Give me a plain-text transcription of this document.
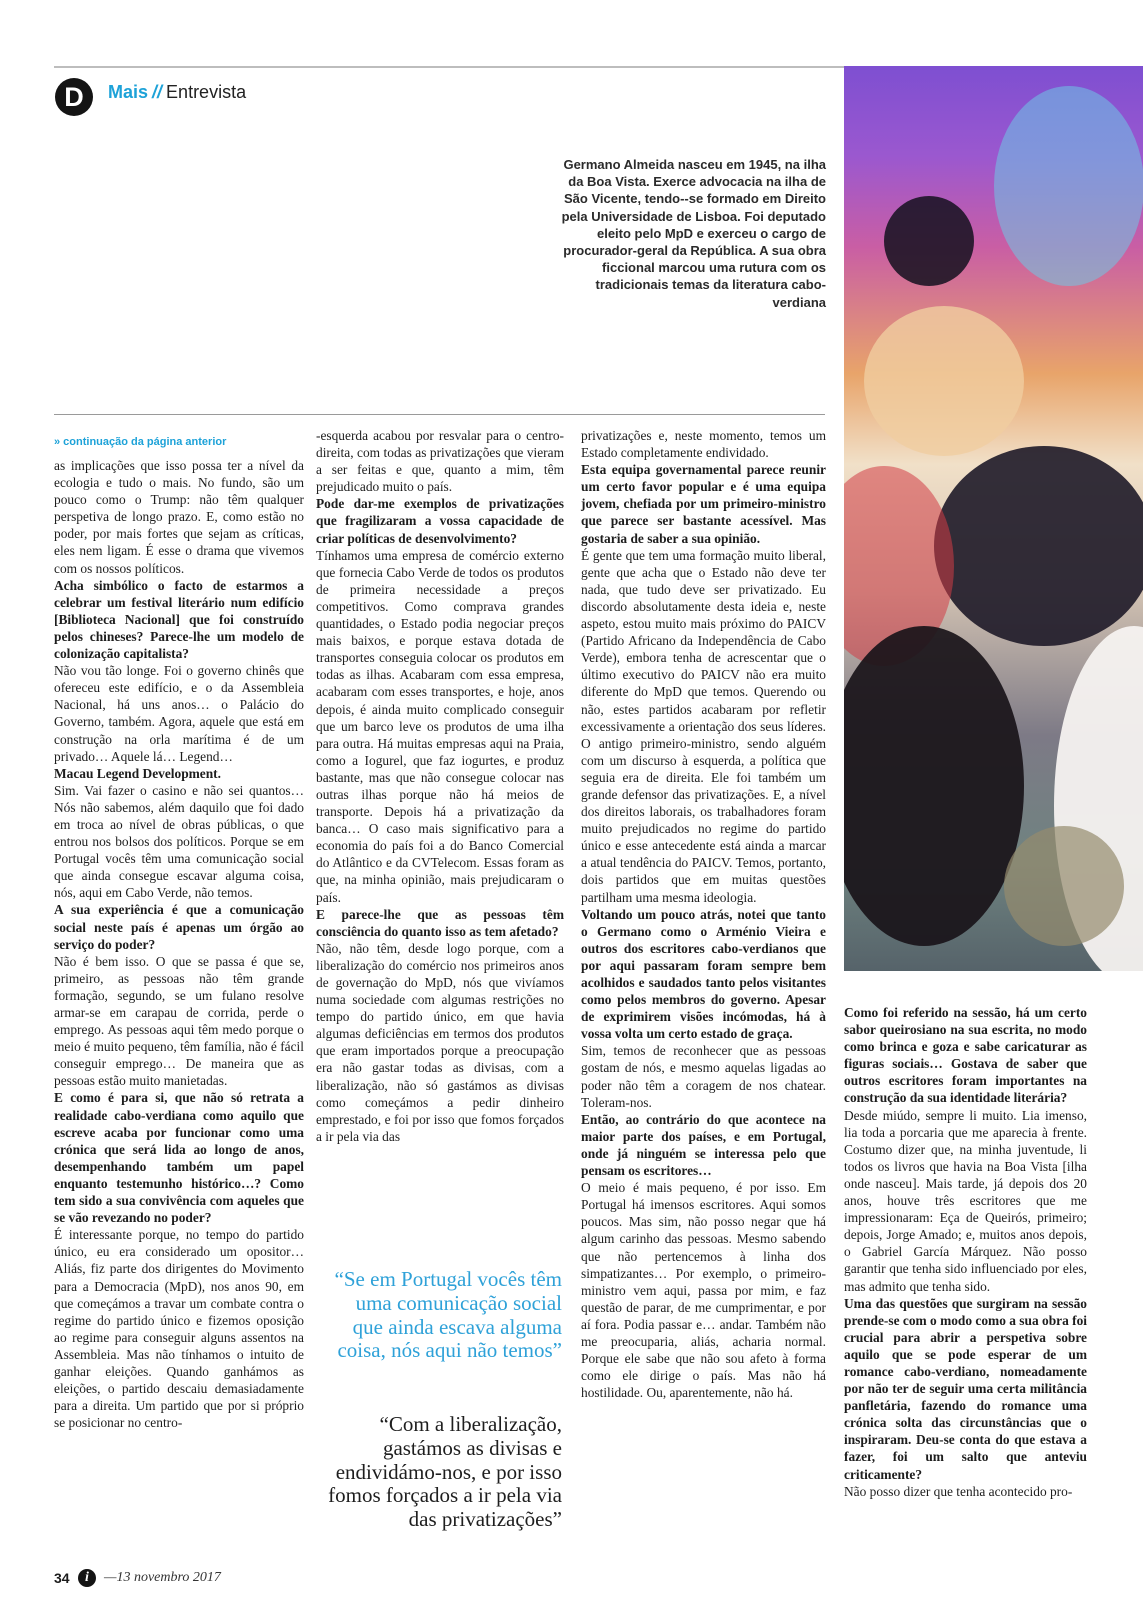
D	Mais // Entrevista
Germano Almeida nasceu em 1945, na ilha da Boa Vista. Exerce advocacia na ilha de São Vicente, tendo--se formado em Direito pela Universidade de Lisboa. Foi deputado eleito pelo MpD e exerceu o cargo de procurador-geral da República. A sua obra ficcional marcou uma rutura com os tradicionais temas da literatura cabo-verdiana
» continuação da página anterior

as implicações que isso possa ter a nível da ecologia e tudo o mais. No fundo, são um pouco como o Trump: não têm qualquer perspetiva de longo prazo. E, como estão no poder, por mais fortes que sejam as críticas, eles nem ligam. É esse o drama que vivemos com os nossos políticos.

Acha simbólico o facto de estarmos a celebrar um festival literário num edifício [Biblioteca Nacional] que foi construído pelos chineses? Parece-lhe um modelo de colonização capitalista?

Não vou tão longe. Foi o governo chinês que ofereceu este edifício, e o da Assembleia Nacional, há uns anos… o Palácio do Governo, também. Agora, aquele que está em construção na orla marítima é de um privado… Aquele lá… Legend…

Macau Legend Development.

Sim. Vai fazer o casino e não sei quantos… Nós não sabemos, além daquilo que foi dado em troca ao nível de obras públicas, o que entrou nos bolsos dos políticos. Porque se em Portugal vocês têm uma comunicação social que ainda consegue escavar alguma coisa, nós, aqui em Cabo Verde, não temos.

A sua experiência é que a comunicação social neste país é apenas um órgão ao serviço do poder?

Não é bem isso. O que se passa é que se, primeiro, as pessoas não têm grande formação, segundo, se um fulano resolve armar-se em carapau de corrida, perde o emprego. As pessoas aqui têm medo porque o meio é muito pequeno, têm família, não é fácil conseguir emprego… De maneira que as pessoas estão muito manietadas.

E como é para si, que não só retrata a realidade cabo-verdiana como aquilo que escreve acaba por funcionar como uma crónica que será lida ao longo de anos, desempenhando também um papel enquanto testemunho histórico…? Como tem sido a sua convivência com aqueles que se vão revezando no poder?

É interessante porque, no tempo do partido único, eu era considerado um opositor… Aliás, fiz parte dos dirigentes do Movimento para a Democracia (MpD), nos anos 90, em que começámos a travar um combate contra o regime do partido único e fizemos oposição ao regime para conseguir alguns assentos na Assembleia. Mas não tínhamos o intuito de ganhar eleições. Quando ganhámos as eleições, o partido descaiu demasiadamente para a direita. Um partido que por si próprio se posicionar no centro-

-esquerda acabou por resvalar para o centro-direita, com todas as privatizações que vieram a ser feitas e que, quanto a mim, têm prejudicado muito o país.

Pode dar-me exemplos de privatizações que fragilizaram a vossa capacidade de criar políticas de desenvolvimento?

Tínhamos uma empresa de comércio externo que fornecia Cabo Verde de todos os produtos de primeira necessidade a preços competitivos. Como comprava grandes quantidades, o Estado podia negociar preços mais baixos, e porque estava dotada de transportes conseguia colocar os produtos em todas as ilhas. Acabaram com essa empresa, acabaram com esses transportes, e hoje, anos depois, é ainda muito complicado conseguir que um barco leve os produtos de uma ilha para outra. Há muitas empresas aqui na Praia, como a Iogurel, que faz iogurtes, e produz bastante, mas que não consegue colocar nas outras ilhas porque não há meios de transporte. Depois há a privatização da banca… O caso mais significativo para a economia do país foi a do Banco Comercial do Atlântico e da CVTelecom. Essas foram as que, na minha opinião, mais prejudicaram o país.

E parece-lhe que as pessoas têm consciência do quanto isso as tem afetado?

Não, não têm, desde logo porque, com a liberalização do comércio nos primeiros anos de governação do MpD, nós que vivíamos numa sociedade com algumas restrições no tempo do partido único, em que havia algumas deficiências em termos dos produtos que eram importados porque a preocupação era não gastar todas as divisas, com a liberalização, não só gastámos as divisas como começámos a pedir dinheiro emprestado, e foi por isso que fomos forçados a ir pela via das

privatizações e, neste momento, temos um Estado completamente endividado.

Esta equipa governamental parece reunir um certo favor popular e é uma equipa jovem, chefiada por um primeiro-ministro que parece ser bastante acessível. Mas gostaria de saber a sua opinião.

É gente que tem uma formação muito liberal, gente que acha que o Estado não deve ter nada, que tudo deve ser privatizado. Eu discordo absolutamente desta ideia e, neste aspeto, estou muito mais próximo do PAICV (Partido Africano da Independência de Cabo Verde), embora tenha de acrescentar que o último executivo do PAICV não era muito diferente do MpD que temos. Querendo ou não, estes partidos acabaram por refletir excessivamente a orientação dos seus líderes. O antigo primeiro-ministro, sendo alguém com um discurso à esquerda, a política que seguia era de direita. Ele foi também um grande defensor das privatizações. E, a nível dos direitos laborais, os trabalhadores foram muito prejudicados no regime do partido único e esse antecedente está ainda a marcar a atual tendência do PAICV. Temos, portanto, dois partidos que em muitas questões partilham uma mesma ideologia.

Voltando um pouco atrás, notei que tanto o Germano como o Arménio Vieira e outros dos escritores cabo-verdianos que por aqui passaram foram sempre bem acolhidos e saudados tanto pelos visitantes como pelos membros do governo. Apesar de exprimirem visões incómodas, há à vossa volta um certo estado de graça.

Sim, temos de reconhecer que as pessoas gostam de nós, e mesmo aquelas ligadas ao poder não têm a coragem de nos chatear. Toleram-nos.

Então, ao contrário do que acontece na maior parte dos países, e em Portugal, onde já ninguém se interessa pelo que pensam os escritores…

O meio é mais pequeno, é por isso. Em Portugal há imensos escritores. Aqui somos poucos. Mas sim, não posso negar que há algum carinho das pessoas. Mesmo sabendo que não pertencemos à linha dos simpatizantes… Por exemplo, o primeiro-ministro vem aqui, passa por mim, e faz questão de parar, de me cumprimentar, e por aí fora. Podia passar e… andar. Também não me preocuparia, aliás, acharia normal. Porque ele sabe que não sou afeto à forma como ele dirige o país. Mas não há hostilidade. Ou, aparentemente, não há.

Como foi referido na sessão, há um certo sabor queirosiano na sua escrita, no modo como brinca e goza e sabe caricaturar as figuras sociais… Gostava de saber que outros escritores foram importantes na construção da sua identidade literária?

Desde miúdo, sempre li muito. Lia imenso, lia toda a porcaria que me aparecia à frente. Costumo dizer que, na minha juventude, li todos os livros que havia na Boa Vista [ilha onde nasceu]. Mais tarde, já depois dos 20 anos, houve três escritores que me impressionaram: Eça de Queirós, primeiro; depois, Jorge Amado; e, muitos anos depois, o Gabriel García Márquez. Não posso garantir que tenha sido influenciado por eles, mas admito que tenha sido.

Uma das questões que surgiram na sessão prende-se com o modo como a sua obra foi crucial para abrir a perspetiva sobre aquilo que se pode esperar de um romance cabo-verdiano, nomeadamente por não ter de seguir uma certa militância panfletária, fazendo do romance uma crónica solta das circunstâncias que o inspiraram. Deu-se conta do que estava a fazer, foi um salto que anteviu criticamente?

Não posso dizer que tenha acontecido pro-

“Se em Portugal vocês têm uma comunicação social que ainda escava alguma coisa, nós aqui não temos”
“Com a liberalização, gastámos as divisas e endividámo-nos, e por isso fomos forçados a ir pela via das privatizações”
34	i	—13 novembro 2017
